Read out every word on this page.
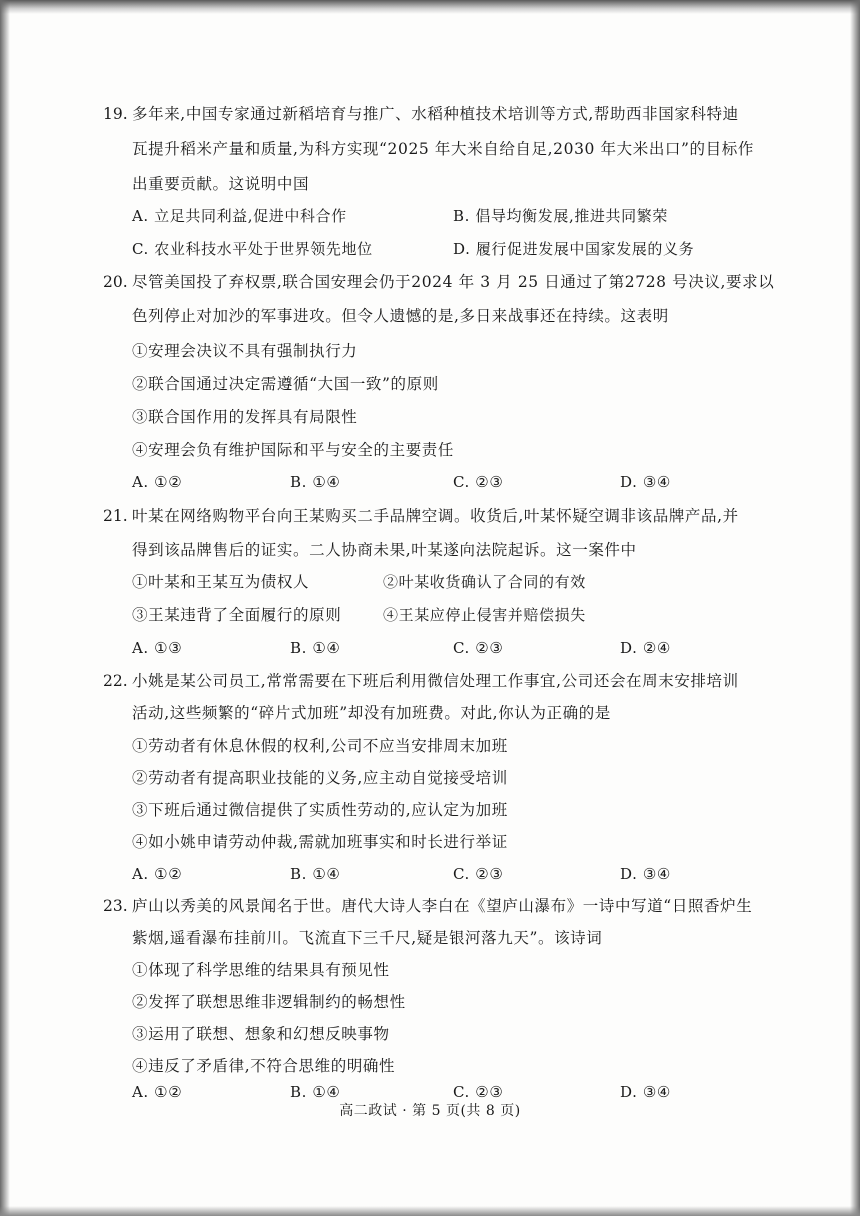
19. 多年来,中国专家通过新稻培育与推广、水稻种植技术培训等方式,帮助西非国家科特迪
瓦提升稻米产量和质量,为科方实现“2025 年大米自给自足,2030 年大米出口”的目标作
出重要贡献。这说明中国
A. 立足共同利益,促进中科合作	B. 倡导均衡发展,推进共同繁荣
C. 农业科技水平处于世界领先地位	D. 履行促进发展中国家发展的义务
20. 尽管美国投了弃权票,联合国安理会仍于2024 年 3 月 25 日通过了第2728 号决议,要求以
色列停止对加沙的军事进攻。但令人遗憾的是,多日来战事还在持续。这表明
①安理会决议不具有强制执行力
②联合国通过决定需遵循“大国一致”的原则
③联合国作用的发挥具有局限性
④安理会负有维护国际和平与安全的主要责任
A. ①②	B. ①④	C. ②③	D. ③④
21. 叶某在网络购物平台向王某购买二手品牌空调。收货后,叶某怀疑空调非该品牌产品,并
得到该品牌售后的证实。二人协商未果,叶某遂向法院起诉。这一案件中
①叶某和王某互为债权人	②叶某收货确认了合同的有效
③王某违背了全面履行的原则	④王某应停止侵害并赔偿损失
A. ①③	B. ①④	C. ②③	D. ②④
22. 小姚是某公司员工,常常需要在下班后利用微信处理工作事宜,公司还会在周末安排培训
活动,这些频繁的“碎片式加班”却没有加班费。对此,你认为正确的是
①劳动者有休息休假的权利,公司不应当安排周末加班
②劳动者有提高职业技能的义务,应主动自觉接受培训
③下班后通过微信提供了实质性劳动的,应认定为加班
④如小姚申请劳动仲裁,需就加班事实和时长进行举证
A. ①②	B. ①④	C. ②③	D. ③④
23. 庐山以秀美的风景闻名于世。唐代大诗人李白在《望庐山瀑布》一诗中写道“日照香炉生
紫烟,遥看瀑布挂前川。飞流直下三千尺,疑是银河落九天”。该诗词
①体现了科学思维的结果具有预见性
②发挥了联想思维非逻辑制约的畅想性
③运用了联想、想象和幻想反映事物
④违反了矛盾律,不符合思维的明确性
A. ①②	B. ①④	C. ②③	D. ③④
高二政试 · 第 5 页(共 8 页)
